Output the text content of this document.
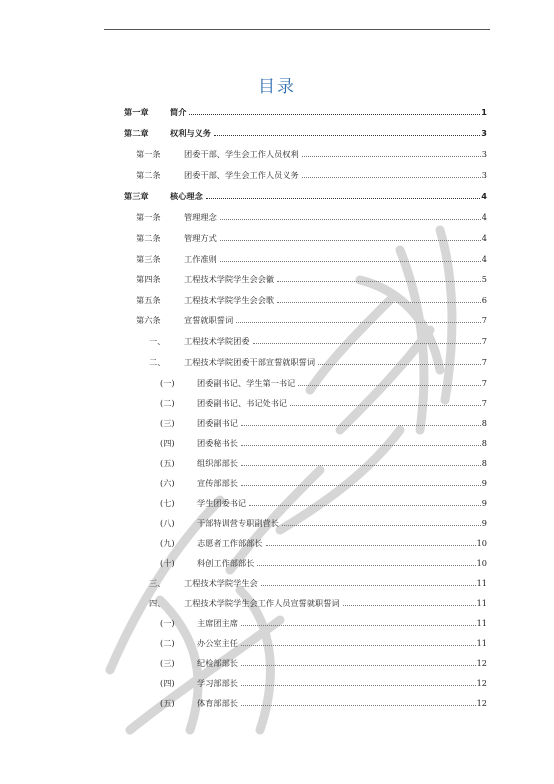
目录
第一章	简介	1
第二章	权利与义务	3
第一条	团委干部、学生会工作人员权利	3
第二条	团委干部、学生会工作人员义务	3
第三章	核心理念	4
第一条	管理理念	4
第二条	管理方式	4
第三条	工作准则	4
第四条	工程技术学院学生会会徽	5
第五条	工程技术学院学生会会歌	6
第六条	宣誓就职誓词	7
一、 工程技术学院团委	7
二、 工程技术学院团委干部宣誓就职誓词	7
(一)	团委副书记、学生第一书记	7
(二)	团委副书记、书记处书记	7
(三)	团委副书记	8
(四)	团委秘书长	8
(五)	组织部部长	8
(六)	宣传部部长	9
(七)	学生团委书记	9
(八)	干部特训营专职副营长	9
(九)	志愿者工作部部长	10
(十)	科创工作部部长	10
三、 工程技术学院学生会	11
四、 工程技术学院学生会工作人员宣誓就职誓词	11
(一)	主席团主席	11
(二)	办公室主任	11
(三)	纪检部部长	12
(四)	学习部部长	12
(五)	体育部部长	12
